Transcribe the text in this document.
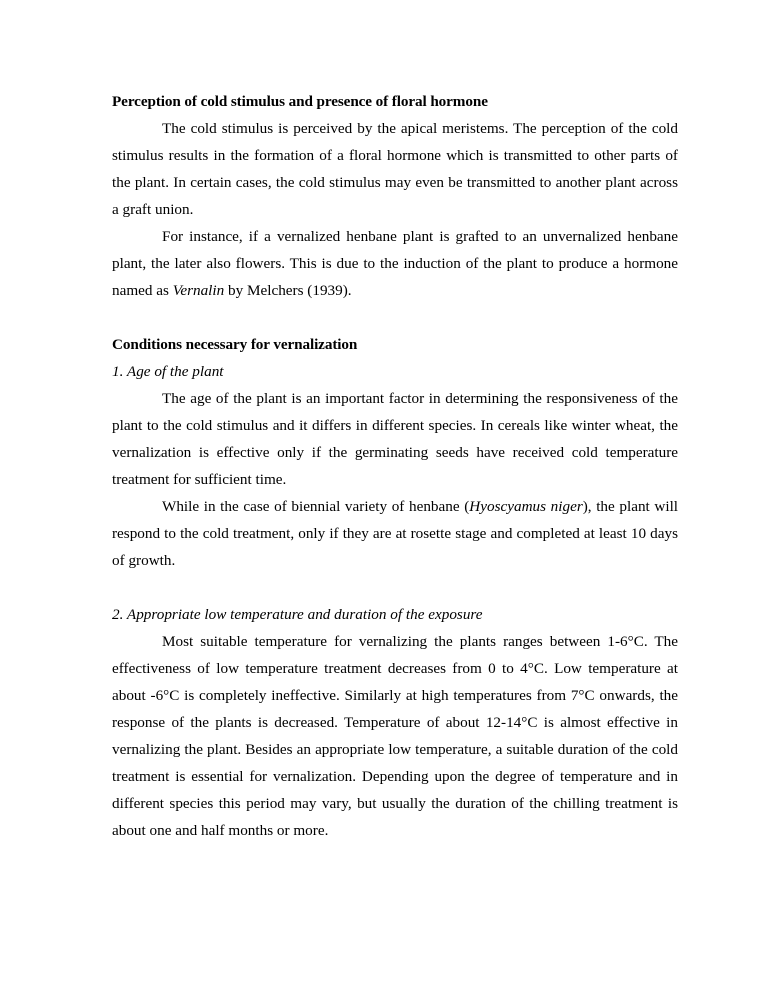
Perception of cold stimulus and presence of floral hormone

The cold stimulus is perceived by the apical meristems. The perception of the cold stimulus results in the formation of a floral hormone which is transmitted to other parts of the plant. In certain cases, the cold stimulus may even be transmitted to another plant across a graft union.

For instance, if a vernalized henbane plant is grafted to an unvernalized henbane plant, the later also flowers. This is due to the induction of the plant to produce a hormone named as Vernalin by Melchers (1939).

Conditions necessary for vernalization
1. Age of the plant

The age of the plant is an important factor in determining the responsiveness of the plant to the cold stimulus and it differs in different species. In cereals like winter wheat, the vernalization is effective only if the germinating seeds have received cold temperature treatment for sufficient time.

While in the case of biennial variety of henbane (Hyoscyamus niger), the plant will respond to the cold treatment, only if they are at rosette stage and completed at least 10 days of growth.

2. Appropriate low temperature and duration of the exposure

Most suitable temperature for vernalizing the plants ranges between 1-6°C. The effectiveness of low temperature treatment decreases from 0 to 4°C. Low temperature at about -6°C is completely ineffective. Similarly at high temperatures from 7°C onwards, the response of the plants is decreased. Temperature of about 12-14°C is almost effective in vernalizing the plant. Besides an appropriate low temperature, a suitable duration of the cold treatment is essential for vernalization. Depending upon the degree of temperature and in different species this period may vary, but usually the duration of the chilling treatment is about one and half months or more.
